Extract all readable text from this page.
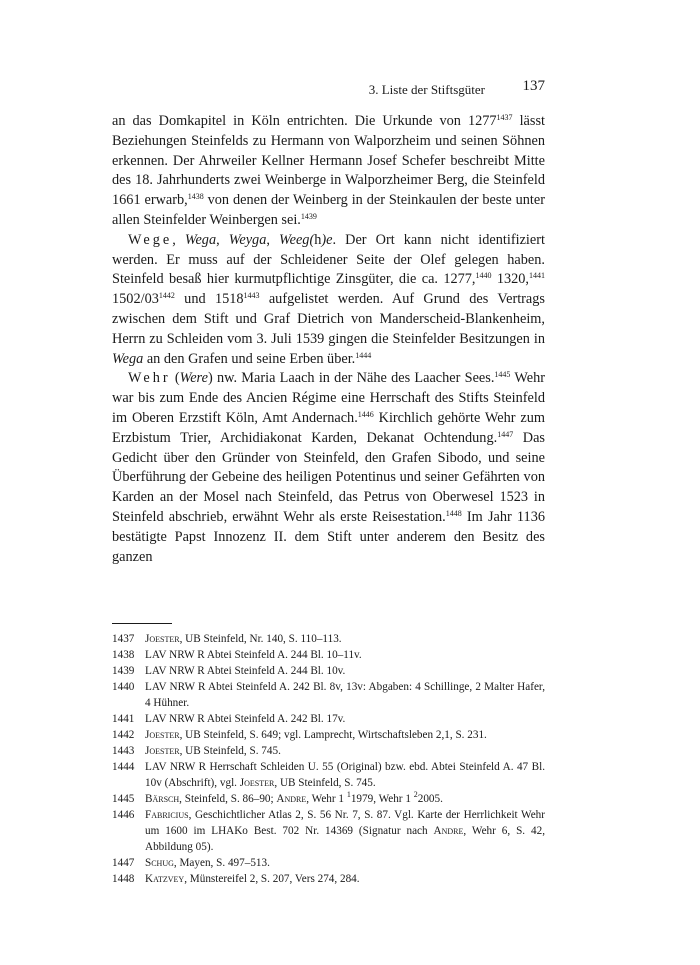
3. Liste der Stiftsgüter	137

an das Domkapitel in Köln entrichten. Die Urkunde von $1277^{1437}$ lässt Beziehungen Steinfelds zu Hermann von Walporzheim und seinen Söhnen erkennen. Der Ahrweiler Kellner Hermann Josef Schefer beschreibt Mitte des 18. Jahrhunderts zwei Weinberge in Walporzheimer Berg, die Steinfeld 1661 erwarb,$^{1438}$ von denen der Weinberg in der Steinkaulen der beste unter allen Steinfelder Weinbergen sei.$^{1439}$

Wege, Wega, Weyga, Weeg(h)e. Der Ort kann nicht identifiziert werden. Er muss auf der Schleidener Seite der Olef gelegen haben. Steinfeld besaß hier kurmutpflichtige Zinsgüter, die ca. 1277,$^{1440}$ 1320,$^{1441}$ $1502/03^{1442}$ und $1518^{1443}$ aufgelistet werden. Auf Grund des Vertrags zwischen dem Stift und Graf Dietrich von Manderscheid-Blankenheim, Herrn zu Schleiden vom 3. Juli 1539 gingen die Steinfelder Besitzungen in Wega an den Grafen und seine Erben über.$^{1444}$

Wehr (Were) nw. Maria Laach in der Nähe des Laacher Sees.$^{1445}$ Wehr war bis zum Ende des Ancien Régime eine Herrschaft des Stifts Steinfeld im Oberen Erzstift Köln, Amt Andernach.$^{1446}$ Kirchlich gehörte Wehr zum Erzbistum Trier, Archidiakonat Karden, Dekanat Ochtendung.$^{1447}$ Das Gedicht über den Gründer von Steinfeld, den Grafen Sibodo, und seine Überführung der Gebeine des heiligen Potentinus und seiner Gefährten von Karden an der Mosel nach Steinfeld, das Petrus von Oberwesel 1523 in Steinfeld abschrieb, erwähnt Wehr als erste Reisestation.$^{1448}$ Im Jahr 1136 bestätigte Papst Innozenz II. dem Stift unter anderem den Besitz des ganzen

1437 Joester, UB Steinfeld, Nr. 140, S. 110–113.
1438 LAV NRW R Abtei Steinfeld A. 244 Bl. 10–11v.
1439 LAV NRW R Abtei Steinfeld A. 244 Bl. 10v.
1440 LAV NRW R Abtei Steinfeld A. 242 Bl. 8v, 13v: Abgaben: 4 Schillinge, 2 Malter Hafer, 4 Hühner.
1441 LAV NRW R Abtei Steinfeld A. 242 Bl. 17v.
1442 Joester, UB Steinfeld, S. 649; vgl. Lamprecht, Wirtschaftsleben 2,1, S. 231.
1443 Joester, UB Steinfeld, S. 745.
1444 LAV NRW R Herrschaft Schleiden U. 55 (Original) bzw. ebd. Abtei Steinfeld A. 47 Bl. 10v (Abschrift), vgl. Joester, UB Steinfeld, S. 745.
1445 Bärsch, Steinfeld, S. 86–90; Andre, Wehr 1 $^1$1979, Wehr 1 $^2$2005.
1446 Fabricius, Geschichtlicher Atlas 2, S. 56 Nr. 7, S. 87. Vgl. Karte der Herrlichkeit Wehr um 1600 im LHAKo Best. 702 Nr. 14369 (Signatur nach Andre, Wehr 6, S. 42, Abbildung 05).
1447 Schug, Mayen, S. 497–513.
1448 Katzvey, Münstereifel 2, S. 207, Vers 274, 284.
